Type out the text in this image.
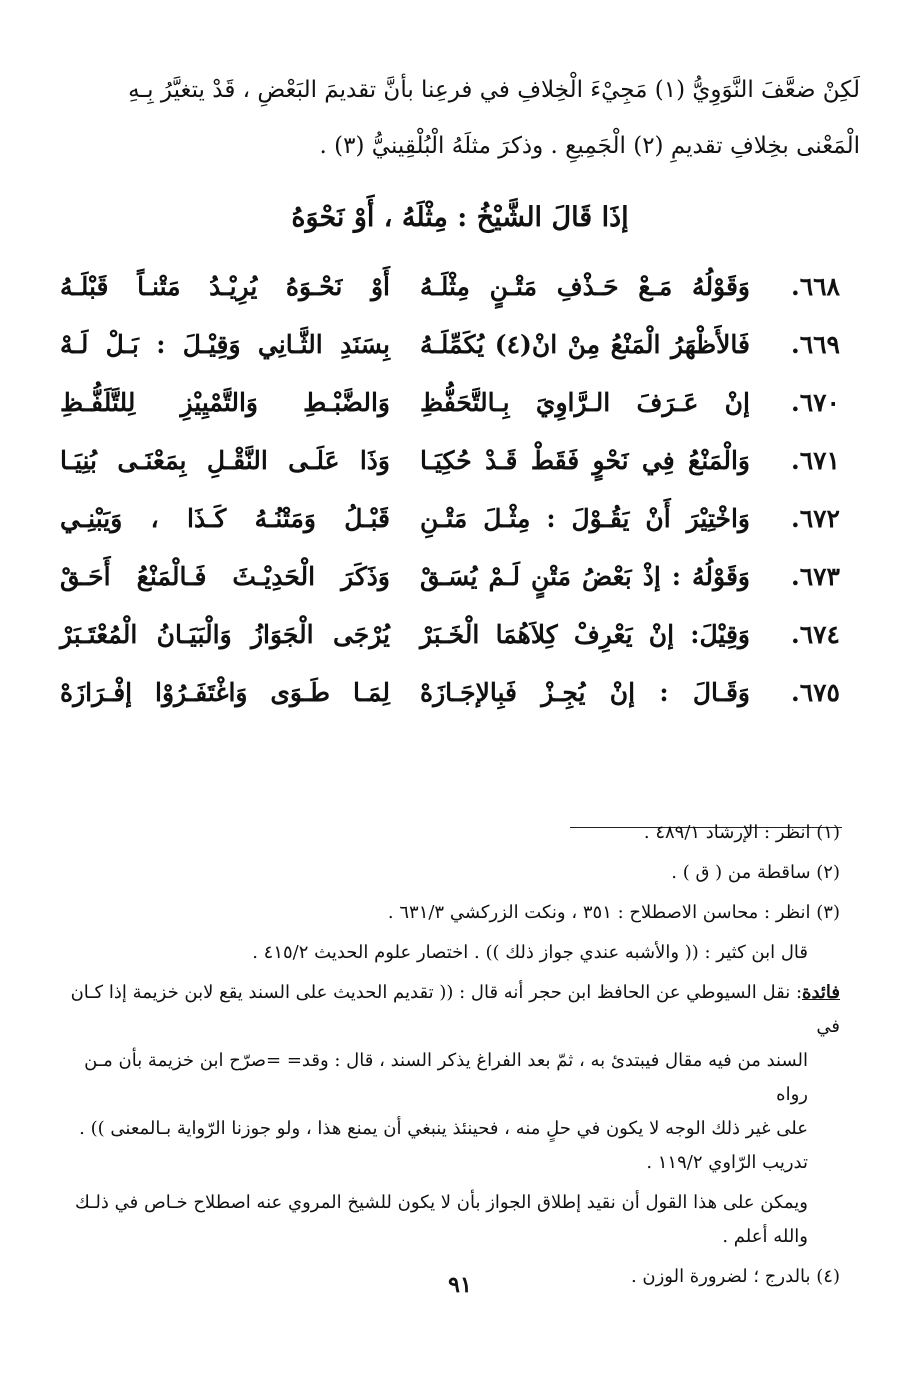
لَكِنْ ضعَّفَ النَّوَوِيُّ (١) مَجِيْءَ الْخِلافِ في فرعِنا بأنَّ تقديمَ البَعْضِ ، قَدْ يتغيَّرُ بِـهِ

الْمَعْنى بخِلافِ تقديمِ (٢) الْجَمِيعِ . وذكرَ مثلَهُ الْبُلْقِينيُّ (٣) .

إذَا قَالَ الشَّيْخُ : مِثْلَهُ ، أَوْ نَحْوَهُ
٦٦٨.
وَقَوْلُهُ مَـعْ حَـذْفِ مَتْـنٍ مِثْلَـهُ
أَوْ نَحْـوَهُ يُرِيْـدُ مَتْنـاً قَبْلَـهُ
٦٦٩.
فَالأَظْهَرُ الْمَنْعُ مِنْ انْ(٤) يُكَمِّلَـهُ
بِسَنَدِ الثَّـانِي وَقِيْـلَ : بَـلْ لَـهْ
٦٧٠.
إنْ عَـرَفَ الـرَّاوِيَ بِـالتَّحَفُّظِ
وَالضَّبْـطِ وَالتَّمْيِيْزِ لِلتَّلَفُّـظِ
٦٧١.
وَالْمَنْعُ فِي نَحْوٍ فَقَطْ قَـدْ حُكِيَـا
وَذَا عَلَـى النَّقْـلِ بِمَعْنَـى بُنِيَـا
٦٧٢.
وَاخْتِيْرَ أَنْ يَقُـوْلَ : مِثْـلَ مَتْـنِ
قَبْـلُ وَمَتْنُـهُ كَـذَا ، وَيَبْنِـي
٦٧٣.
وَقَوْلُهُ : إذْ بَعْضُ مَتْنٍ لَـمْ يُسَـقْ
وَذَكَرَ الْحَدِيْـثَ فَـالْمَنْعُ أَحَـقْ
٦٧٤.
وَقِيْلَ: إنْ يَعْرِفْ كِلاَهُمَا الْخَـبَرْ
يُرْجَى الْجَوَازُ وَالْبَيَـانُ الْمُعْتَـبَرْ
٦٧٥.
وَقَـالَ : إنْ يُجِـزْ فَبِالإجَـازَهْ
لِمَـا طَـوَى وَاغْتَفَـرُوْا إفْـرَازَهْ

(١) انظر : الإرشاد ٤٨٩/١ .

(٢) ساقطة من ( ق ) .

(٣) انظر : محاسن الاصطلاح : ٣٥١ ، ونكت الزركشي ٦٣١/٣ .

قال ابن كثير : (( والأشبه عندي جواز ذلك )) . اختصار علوم الحديث ٤١٥/٢ .

فائدة: نقل السيوطي عن الحافظ ابن حجر أنه قال : (( تقديم الحديث على السند يقع لابن خزيمة إذا كـان في

السند من فيه مقال فيبتدئ به ، ثمّ بعد الفراغ يذكر السند ، قال : وقد= =صرّح ابن خزيمة بأن مـن رواه

على غير ذلك الوجه لا يكون في حلٍ منه ، فحينئذ ينبغي أن يمنع هذا ، ولو جوزنا الرّواية بـالمعنى )) .

تدريب الرّاوي ١١٩/٢ .

ويمكن على هذا القول أن نقيد إطلاق الجواز بأن لا يكون للشيخ المروي عنه اصطلاح خـاص في ذلـك

والله أعلم .

(٤) بالدرج ؛ لضرورة الوزن .

٩١
